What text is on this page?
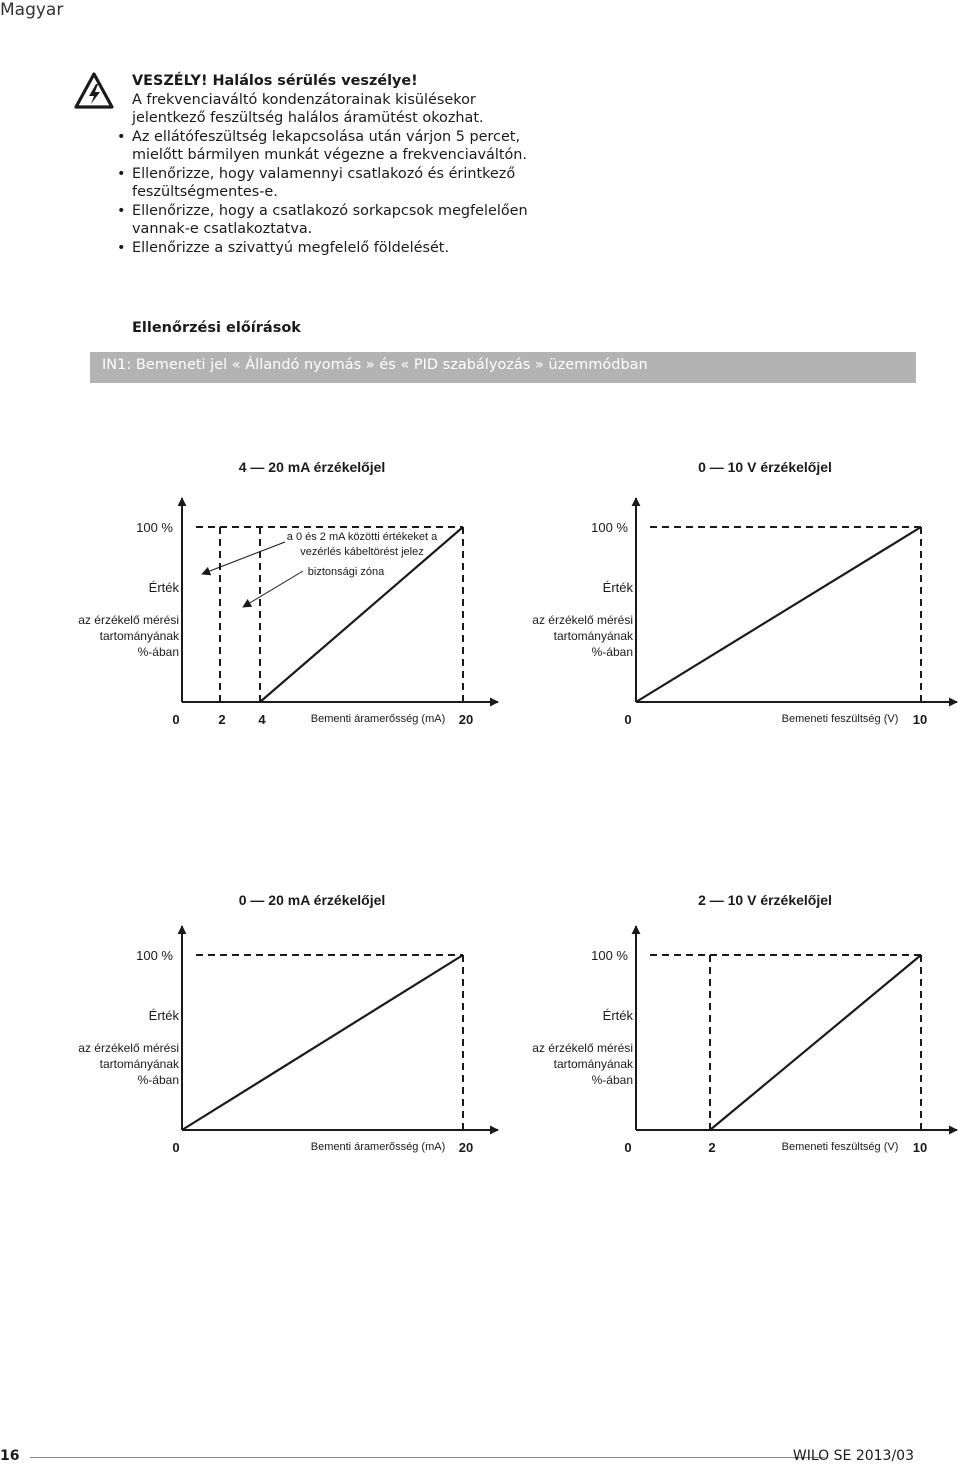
Magyar
VESZÉLY! Halálos sérülés veszélye!
A frekvenciaváltó kondenzátorainak kisülésekor
jelentkező feszültség halálos áramütést okozhat.
• Az ellátófeszültség lekapcsolása után várjon 5 percet,
mielőtt bármilyen munkát végezne a frekvenciaváltón.
• Ellenőrizze, hogy valamennyi csatlakozó és érintkező
feszültségmentes-e.
• Ellenőrizze, hogy a csatlakozó sorkapcsok megfelelően
vannak-e csatlakoztatva.
• Ellenőrizze a szivattyú megfelelő földelését.
Ellenőrzési előírások
IN1: Bemeneti jel « Állandó nyomás » és « PID szabályozás » üzemmódban
4 — 20 mA érzékelőjel
100 %
Érték
az érzékelő mérési
tartományának
%-ában
a 0 és 2 mA közötti értékeket a
vezérlés kábeltörést jelez
biztonsági zóna
0	2	4	20
Bementi áramerősség (mA)
0 — 10 V érzékelőjel
100 %
Érték
az érzékelő mérési
tartományának
%-ában
0	10
Bemeneti feszültség (V)
0 — 20 mA érzékelőjel
100 %
Érték
az érzékelő mérési
tartományának
%-ában
0	20
Bementi áramerősség (mA)
2 — 10 V érzékelőjel
100 %
Érték
az érzékelő mérési
tartományának
%-ában
0	2	10
Bemeneti feszültség (V)
16	WILO SE 2013/03
